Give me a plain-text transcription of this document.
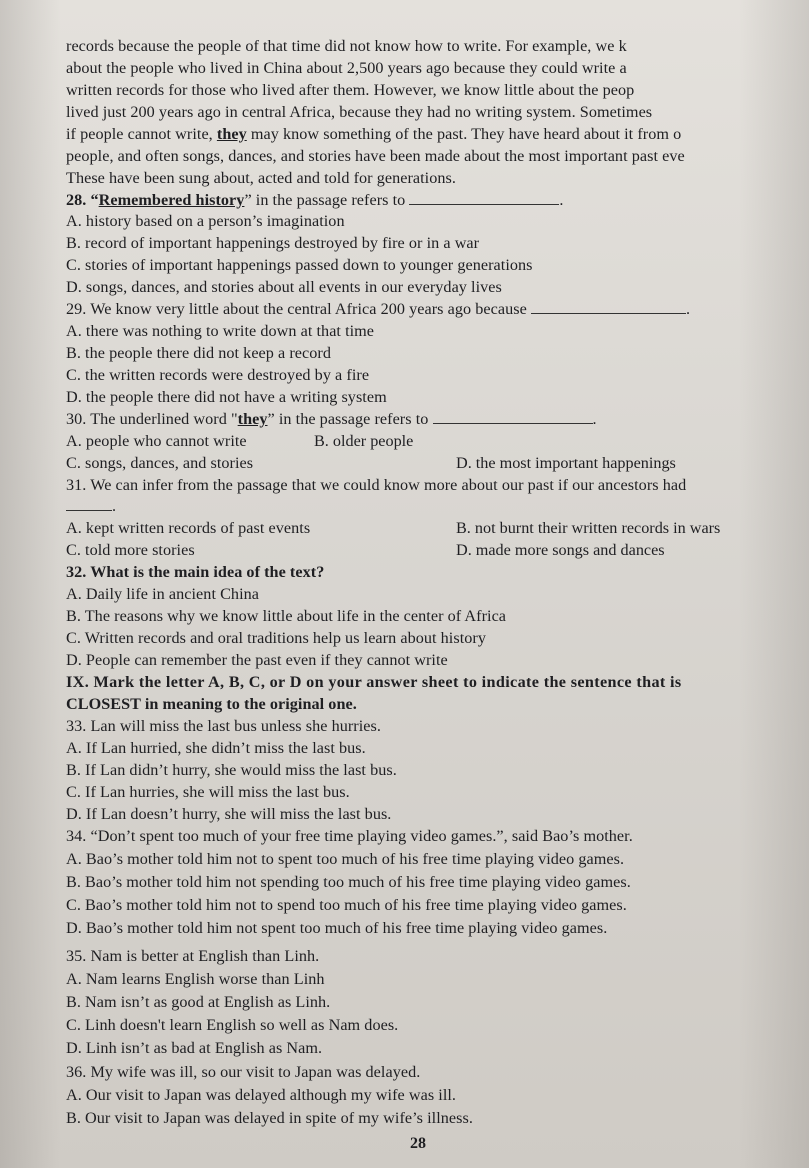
records because the people of that time did not know how to write. For example, we k
about the people who lived in China about 2,500 years ago because they could write a
written records for those who lived after them. However, we know little about the peop
lived just 200 years ago in central Africa, because they had no writing system. Sometimes
if people cannot write, they may know something of the past. They have heard about it from o
people, and often songs, dances, and stories have been made about the most important past eve
These have been sung about, acted and told for generations.
28. “Remembered history” in the passage refers to	.
A. history based on a person’s imagination
B. record of important happenings destroyed by fire or in a war
C. stories of important happenings passed down to younger generations
D. songs, dances, and stories about all events in our everyday lives
29. We know very little about the central Africa 200 years ago because	.
A. there was nothing to write down at that time
B. the people there did not keep a record
C. the written records were destroyed by a fire
D. the people there did not have a writing system
30. The underlined word "they” in the passage refers to	.
A. people who cannot write	B. older people
C. songs, dances, and stories	D. the most important happenings
31. We can infer from the passage that we could know more about our past if our ancestors had
.
A. kept written records of past events	B. not burnt their written records in wars
C. told more stories	D. made more songs and dances
32. What is the main idea of the text?
A. Daily life in ancient China
B. The reasons why we know little about life in the center of Africa
C. Written records and oral traditions help us learn about history
D. People can remember the past even if they cannot write
IX. Mark the letter A, B, C, or D on your answer sheet to indicate the sentence that is
CLOSEST in meaning to the original one.
33. Lan will miss the last bus unless she hurries.
A. If Lan hurried, she didn’t miss the last bus.
B. If Lan didn’t hurry, she would miss the last bus.
C. If Lan hurries, she will miss the last bus.
D. If Lan doesn’t hurry, she will miss the last bus.
34. “Don’t spent too much of your free time playing video games.”, said Bao’s mother.
A. Bao’s mother told him not to spent too much of his free time playing video games.
B. Bao’s mother told him not spending too much of his free time playing video games.
C. Bao’s mother told him not to spend too much of his free time playing video games.
D. Bao’s mother told him not spent too much of his free time playing video games.
35. Nam is better at English than Linh.
A. Nam learns English worse than Linh
B. Nam isn’t as good at English as Linh.
C. Linh doesn't learn English so well as Nam does.
D. Linh isn’t as bad at English as Nam.
36. My wife was ill, so our visit to Japan was delayed.
A. Our visit to Japan was delayed although my wife was ill.
B. Our visit to Japan was delayed in spite of my wife’s illness.
28
